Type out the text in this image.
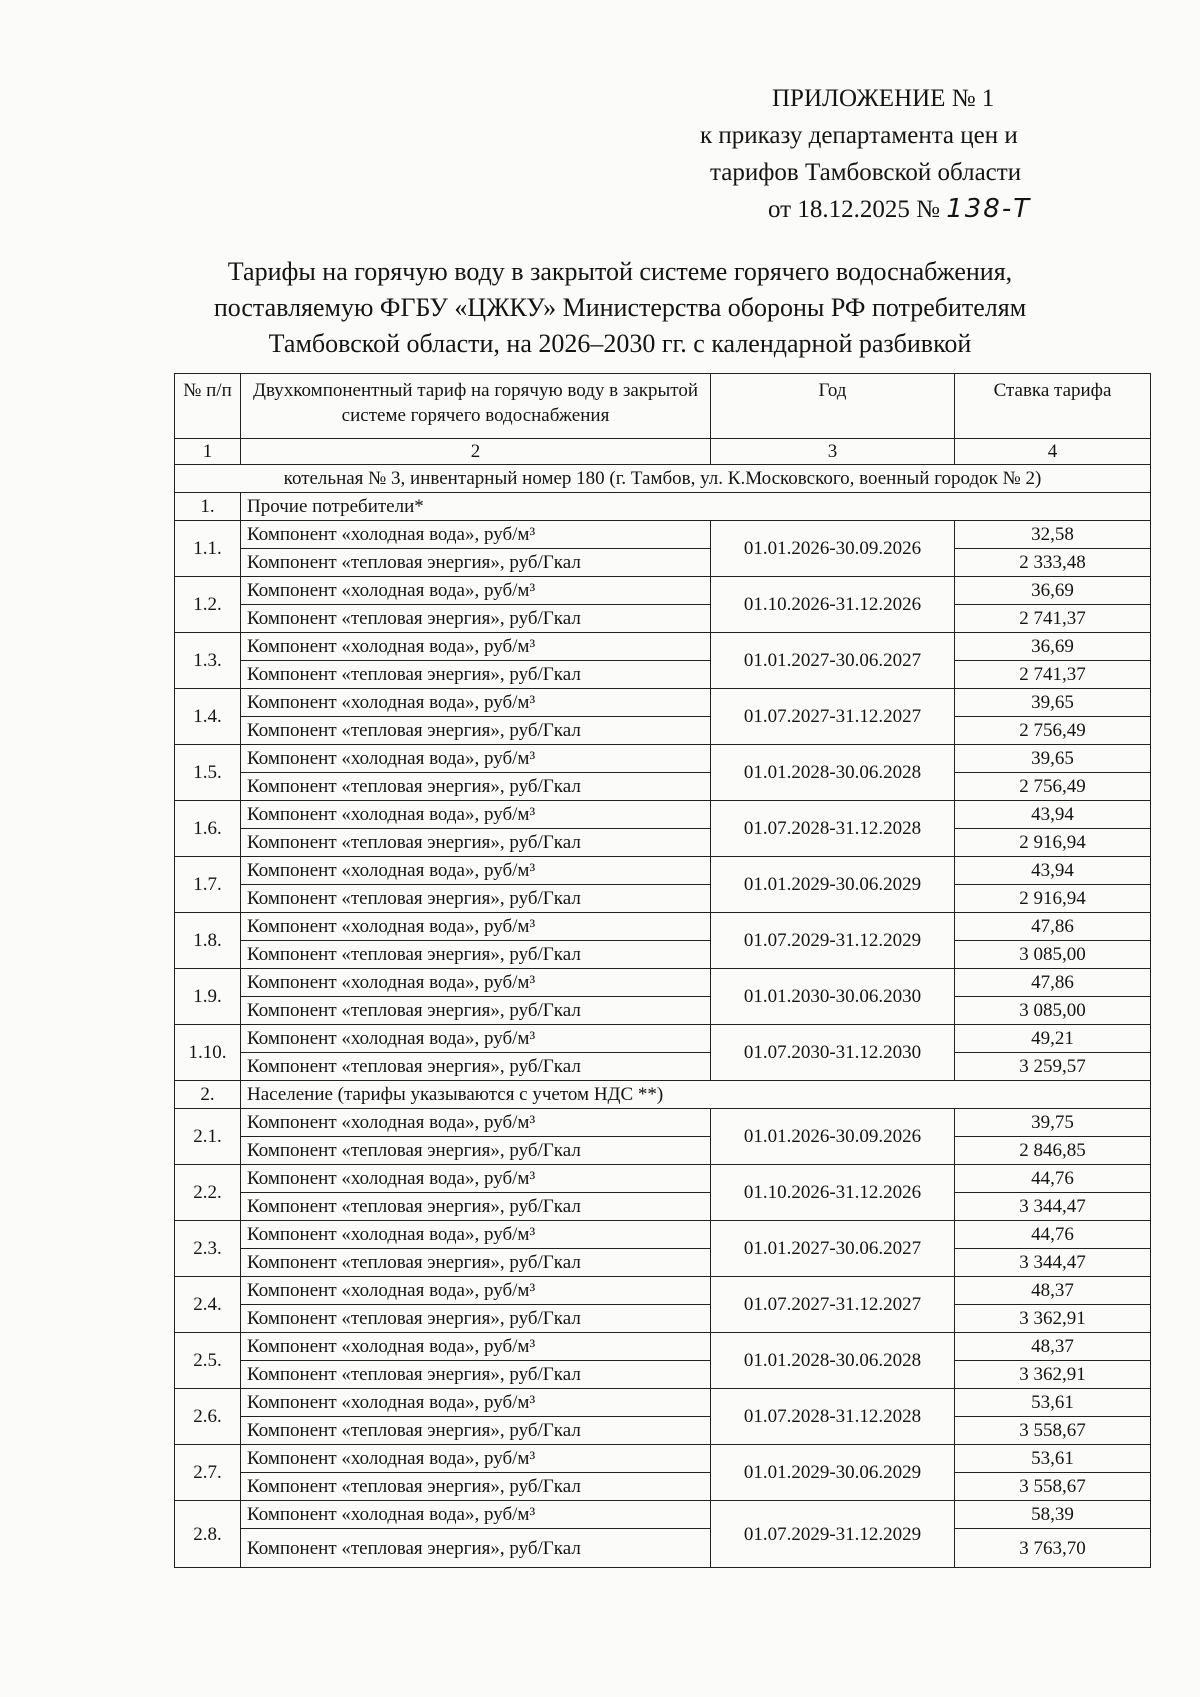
ПРИЛОЖЕНИЕ № 1
к приказу департамента цен и
тарифов Тамбовской области
от 18.12.2025 № 138-Т
Тарифы на горячую воду в закрытой системе горячего водоснабжения,
поставляемую ФГБУ «ЦЖКУ» Министерства обороны РФ потребителям
Тамбовской области, на 2026–2030 гг. с календарной разбивкой
№ п/п	Двухкомпонентный тариф на горячую воду в закрытой системе горячего водоснабжения	Год	Ставка тарифа
1	2	3	4
котельная № 3, инвентарный номер 180 (г. Тамбов, ул. К.Московского, военный городок № 2)			
1.	Прочие потребители*		
1.1.	Компонент «холодная вода», руб/м³	01.01.2026-30.09.2026	32,58
	Компонент «тепловая энергия», руб/Гкал		2 333,48
1.2.	Компонент «холодная вода», руб/м³	01.10.2026-31.12.2026	36,69
	Компонент «тепловая энергия», руб/Гкал		2 741,37
1.3.	Компонент «холодная вода», руб/м³	01.01.2027-30.06.2027	36,69
	Компонент «тепловая энергия», руб/Гкал		2 741,37
1.4.	Компонент «холодная вода», руб/м³	01.07.2027-31.12.2027	39,65
	Компонент «тепловая энергия», руб/Гкал		2 756,49
1.5.	Компонент «холодная вода», руб/м³	01.01.2028-30.06.2028	39,65
	Компонент «тепловая энергия», руб/Гкал		2 756,49
1.6.	Компонент «холодная вода», руб/м³	01.07.2028-31.12.2028	43,94
	Компонент «тепловая энергия», руб/Гкал		2 916,94
1.7.	Компонент «холодная вода», руб/м³	01.01.2029-30.06.2029	43,94
	Компонент «тепловая энергия», руб/Гкал		2 916,94
1.8.	Компонент «холодная вода», руб/м³	01.07.2029-31.12.2029	47,86
	Компонент «тепловая энергия», руб/Гкал		3 085,00
1.9.	Компонент «холодная вода», руб/м³	01.01.2030-30.06.2030	47,86
	Компонент «тепловая энергия», руб/Гкал		3 085,00
1.10.	Компонент «холодная вода», руб/м³	01.07.2030-31.12.2030	49,21
	Компонент «тепловая энергия», руб/Гкал		3 259,57
2.	Население (тарифы указываются с учетом НДС **)		
2.1.	Компонент «холодная вода», руб/м³	01.01.2026-30.09.2026	39,75
	Компонент «тепловая энергия», руб/Гкал		2 846,85
2.2.	Компонент «холодная вода», руб/м³	01.10.2026-31.12.2026	44,76
	Компонент «тепловая энергия», руб/Гкал		3 344,47
2.3.	Компонент «холодная вода», руб/м³	01.01.2027-30.06.2027	44,76
	Компонент «тепловая энергия», руб/Гкал		3 344,47
2.4.	Компонент «холодная вода», руб/м³	01.07.2027-31.12.2027	48,37
	Компонент «тепловая энергия», руб/Гкал		3 362,91
2.5.	Компонент «холодная вода», руб/м³	01.01.2028-30.06.2028	48,37
	Компонент «тепловая энергия», руб/Гкал		3 362,91
2.6.	Компонент «холодная вода», руб/м³	01.07.2028-31.12.2028	53,61
	Компонент «тепловая энергия», руб/Гкал		3 558,67
2.7.	Компонент «холодная вода», руб/м³	01.01.2029-30.06.2029	53,61
	Компонент «тепловая энергия», руб/Гкал		3 558,67
2.8.	Компонент «холодная вода», руб/м³	01.07.2029-31.12.2029	58,39
	Компонент «тепловая энергия», руб/Гкал		3 763,70
